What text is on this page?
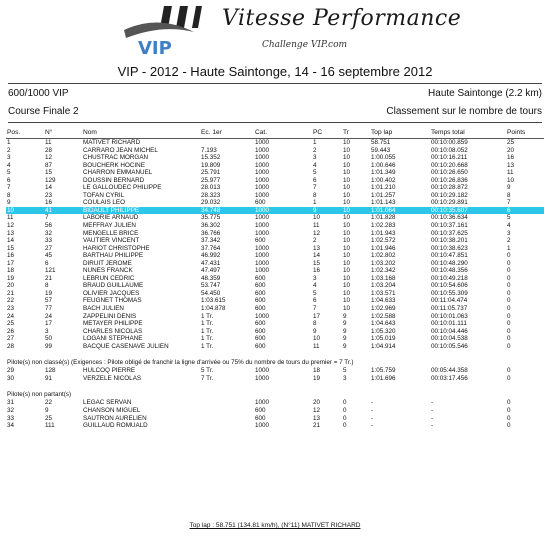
VIP
Vitesse Performance
Challenge VIP.com
VIP - 2012 - Haute Saintonge, 14 - 16 septembre 2012
600/1000 VIP	Haute Saintonge (2.2 km)
Course Finale 2	Classement sur le nombre de tours
Pos.	N°	Nom	Ec. 1er	Cat.	PC	Tr	Top lap	Temps total	Points
1	11	MATIVET RICHARD		1000	1	10	58.751	00:10:00.859	25
2	28	CARRARO JEAN MICHEL	7.193	1000	2	10	59.443	00:10:08.052	20
3	12	CHUSTRAC MORGAN	15.352	1000	3	10	1:00.055	00:10:16.211	16
4	87	BOUCHERK HOCINE	19.809	1000	4	10	1:00.646	00:10:20.668	13
5	15	CHARRON EMMANUEL	25.791	1000	5	10	1:01.349	00:10:26.650	11
6	129	DOUSSIN BERNARD	25.977	1000	6	10	1:00.402	00:10:26.836	10
7	14	LE GALLOUDEC PHILIPPE	28.013	1000	7	10	1:01.210	00:10:28.872	9
8	23	TOFAN CYRIL	28.323	1000	8	10	1:01.257	00:10:29.182	8
9	16	COULAIS LEO	29.032	600	1	10	1:01.143	00:10:29.891	7
10	41	BIDAULT PHILIPPE	34.748	1000	9	10	1:01.064	00:10:35.607	6
11	7	LABORIE ARNAUD	35.775	1000	10	10	1:01.828	00:10:36.634	5
12	56	MEFFRAY JULIEN	36.302	1000	11	10	1:02.283	00:10:37.161	4
13	32	MENGELLE BRICE	36.766	1000	12	10	1:01.943	00:10:37.625	3
14	33	VAUTIER VINCENT	37.342	600	2	10	1:02.572	00:10:38.201	2
15	27	HARIOT CHRISTOPHE	37.764	1000	13	10	1:01.946	00:10:38.623	1
16	45	BARTHAU PHILIPPE	46.992	1000	14	10	1:02.802	00:10:47.851	0
17	6	DIRUIT JEROME	47.431	1000	15	10	1:03.202	00:10:48.290	0
18	121	NUNES FRANCK	47.497	1000	16	10	1:02.342	00:10:48.356	0
19	21	LEBRUN CEDRIC	48.359	600	3	10	1:03.168	00:10:49.218	0
20	8	BRAUD GUILLAUME	53.747	600	4	10	1:03.204	00:10:54.606	0
21	19	OLIVIER JACQUES	54.450	600	5	10	1:03.571	00:10:55.309	0
22	57	FEUGNET THOMAS	1:03.615	600	6	10	1:04.633	00:11:04.474	0
23	77	BACH JULIEN	1:04.878	600	7	10	1:02.969	00:11:05.737	0
24	24	ZAPPELINI DENIS	1 Tr.	1000	17	9	1:02.588	00:10:01.063	0
25	17	METAYER PHILIPPE	1 Tr.	600	8	9	1:04.643	00:10:01.111	0
26	3	CHARLES NICOLAS	1 Tr.	600	9	9	1:05.320	00:10:04.446	0
27	50	LOGANI STEPHANE	1 Tr.	600	10	9	1:05.019	00:10:04.538	0
28	99	BACQUE CASENAVE JULIEN	1 Tr.	600	11	9	1:04.914	00:10:05.546	0

Pilote(s) non classé(s) (Exigences : Pilote obligé de franchir la ligne d'arrivée ou 75% du nombre de tours du premier = 7 Tr.)									
29	128	HULCOQ PIERRE	5 Tr.	1000	18	5	1:05.759	00:05:44.358	0
30	91	VERZELE NICOLAS	7 Tr.	1000	19	3	1:01.696	00:03:17.456	0

Pilote(s) non partant(s)									
31	22	LEGAC SERVAN		1000	20	0	-	-	0
32	9	CHANSON MIGUEL		600	12	0	-	-	0
33	25	SAUTRON AURELIEN		600	13	0	-	-	0
34	111	GUILLAUD ROMUALD		1000	21	0	-	-	0
Top lap : 58.751 (134.81 km/h), (N°11) MATIVET RICHARD
